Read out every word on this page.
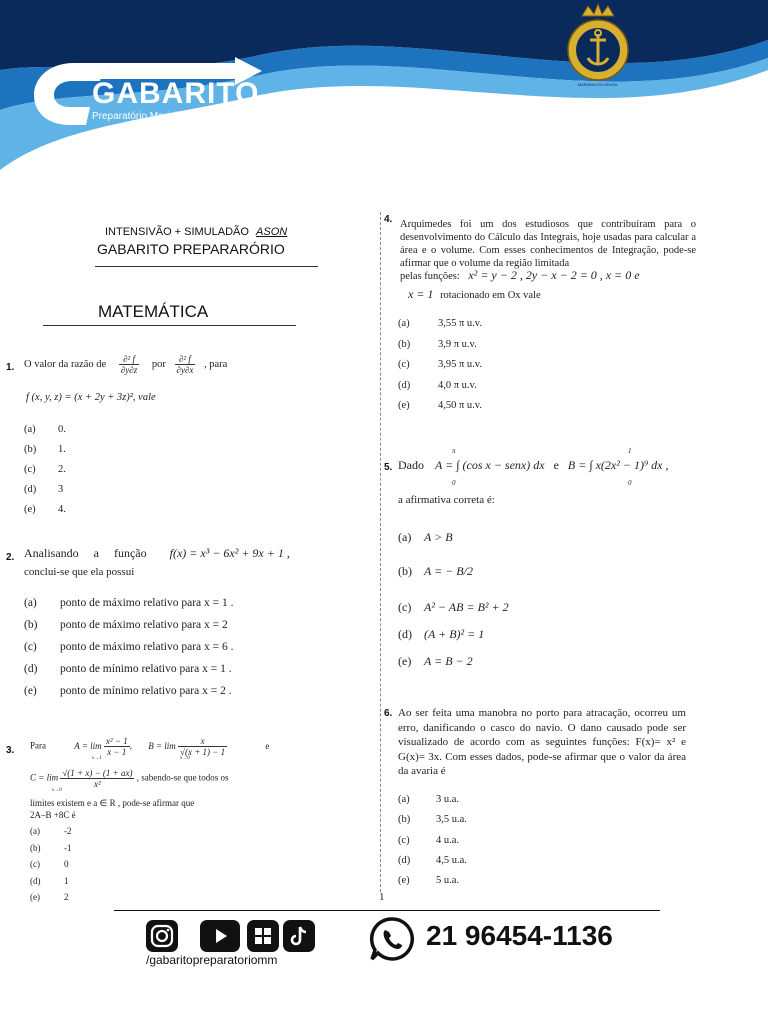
GABARITO
Preparatório Marinha Mercante
MARINHA DO BRASIL
INTENSIVÃO + SIMULADÃO ASON
GABARITO PREPARARÓRIO
MATEMÁTICA
1. O valor da razão de $\frac{\text{∂² f}}{\partial y\partial z}$ por $\frac{\text{∂² f}}{\partial y\partial x}$ , para
f (x, y, z) = (x + 2y + 3z)², vale
(a) 0.
(b) 1.
(c) 2.
(d) 3
(e) 4.
2. Analisando a função f(x) = x³ − 6x² + 9x + 1 ,
conclui-se que ela possui
(a) ponto de máximo relativo para x = 1 .
(b) ponto de máximo relativo para x = 2
(c) ponto de máximo relativo para x = 6 .
(d) ponto de mínimo relativo para x = 1 .
(e) ponto de mínimo relativo para x = 2 .
3. Para	$A = \lim \frac{\text{x² − 1}}{x - 1}$ , $B = \lim \frac{x}{√(x + 1) - 1}$	e
x→1	x→0
$C = \lim \frac{√(1 + x) - (1 + ax)}{\text{x²}}$ , sabendo-se que todos os
x→0
limites existem e a ∈ R , pode-se afirmar que
2A–B +8C é
(a)	-2
(b)	-1
(c)	0
(d)	1
(e)	2
4. Arquimedes foi um dos estudiosos que contribuíram para o desenvolvimento do Cálculo das Integrais, hoje usadas para calcular a área e o volume. Com esses conhecimentos de Integração, pode-se afirmar que o volume da região limitada
pelas funções: x² = y − 2 , 2y − x − 2 = 0 , x = 0 e
x = 1 rotacionado em Ox vale
(a)	3,55 π u.v.
(b)	3,9 π u.v.
(c)	3,95 π u.v.
(d)	4,0 π u.v.
(e)	4,50 π u.v.
5. Dado A = ∫ (cos x − senx) dx e B = ∫ x(2x² − 1)⁹ dx ,
π
0
1
0
a afirmativa correta é:
(a) A > B
(b) A = − B/2
(c) A² − AB = B² + 2
(d) (A + B)² = 1
(e) A = B − 2
6. Ao ser feita uma manobra no porto para atracação, ocorreu um erro, danificando o casco do navio. O dano causado pode ser visualizado de acordo com as seguintes funções: F(x)= x² e G(x)= 3x. Com esses dados, pode-se afirmar que o valor da área da avaria é
(a)	3 u.a.
(b) 3,5 u.a.
(c)	4 u.a.
(d) 4,5 u.a.
(e)	5 u.a.
1
/gabaritopreparatoriomm
21 96454-1136
